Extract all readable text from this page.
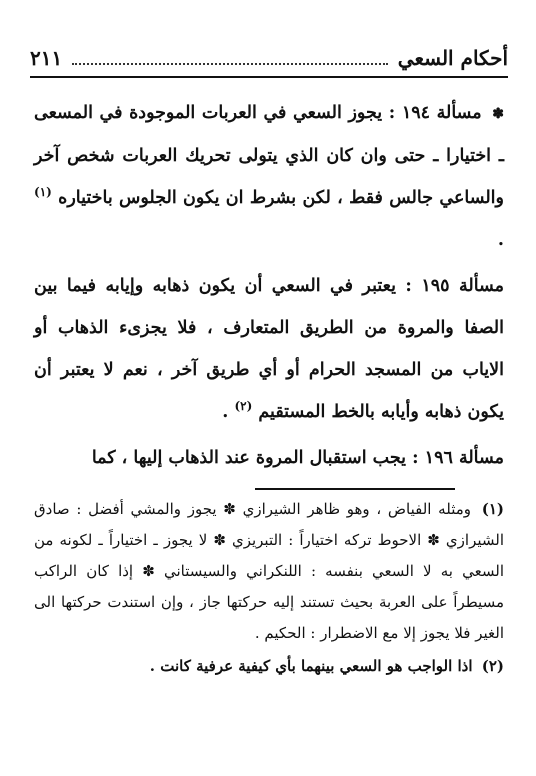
أحكام السعي
٢١١

✽ مسألة ١٩٤ : يجوز السعي في العربات الموجودة في المسعى ـ اختيارا ـ حتى وان كان الذي يتولى تحريك العربات شخص آخر والساعي جالس فقط ، لكن بشرط ان يكون الجلوس باختياره $^{(١)}$ .

مسألة ١٩٥ : يعتبر في السعي أن يكون ذهابه وإيابه فيما بين الصفا والمروة من الطريق المتعارف ، فلا يجزىء الذهاب أو الاياب من المسجد الحرام أو أي طريق آخر ، نعم لا يعتبر أن يكون ذهابه وأيابه بالخط المستقيم $^{(٢)}$ .

مسألة ١٩٦ : يجب استقبال المروة عند الذهاب إليها ، كما

(١) ومثله الفياض ، وهو ظاهر الشيرازي ✽ يجوز والمشي أفضل : صادق الشيرازي ✽ الاحوط تركه اختياراً : التبريزي ✽ لا يجوز ـ اختياراً ـ لكونه من السعي به لا السعي بنفسه : اللنكراني والسيستاني ✽ إذا كان الراكب مسيطراً على العربة بحيث تستند إليه حركتها جاز ، وإن استندت حركتها الى الغير فلا يجوز إلا مع الاضطرار : الحكيم .

(٢) اذا الواجب هو السعي بينهما بأي كيفية عرفية كانت .
